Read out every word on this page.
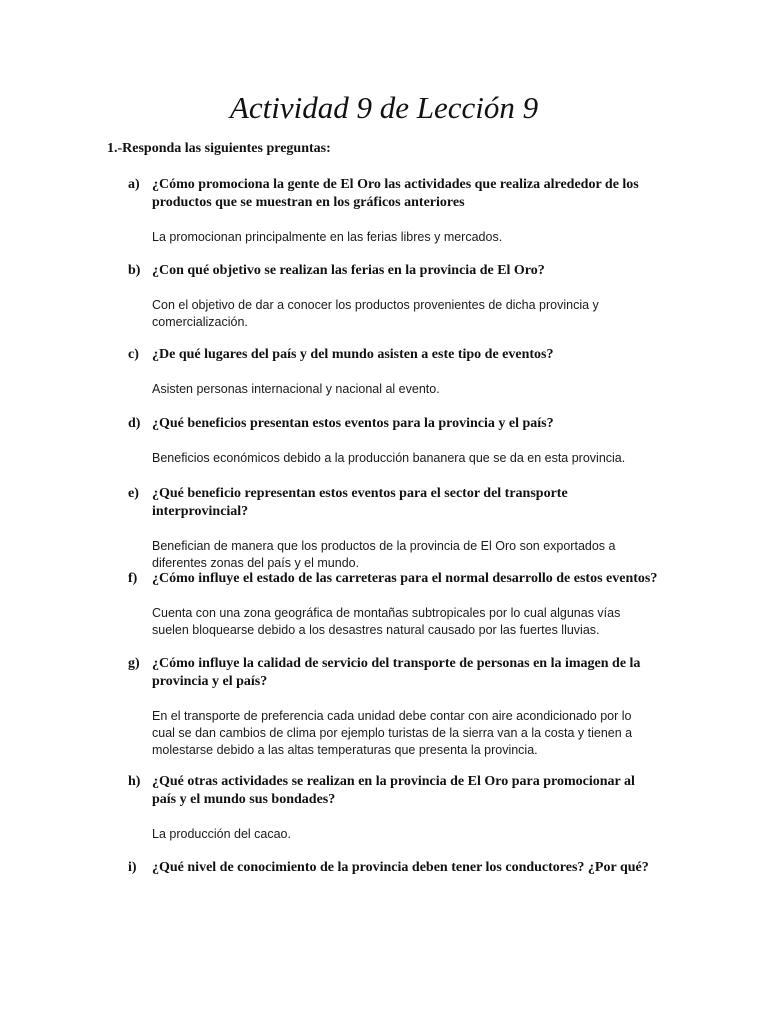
Actividad 9 de Lección 9
1.-Responda las siguientes preguntas:
a) ¿Cómo promociona la gente de El Oro las actividades que realiza alrededor de los productos que se muestran en los gráficos anteriores
La promocionan principalmente en las ferias libres y mercados.
b) ¿Con qué objetivo se realizan las ferias en la provincia de El Oro?
Con el objetivo de dar a conocer los productos provenientes de dicha provincia y comercialización.
c) ¿De qué lugares del país y del mundo asisten a este tipo de eventos?
Asisten personas internacional y nacional al evento.
d) ¿Qué beneficios presentan estos eventos para la provincia y el país?
Beneficios económicos debido a la producción bananera que se da en esta provincia.
e) ¿Qué beneficio representan estos eventos para el sector del transporte interprovincial?
Benefician de manera que los productos de la provincia de El Oro son exportados a diferentes zonas del país y el mundo.
f) ¿Cómo influye el estado de las carreteras para el normal desarrollo de estos eventos?
Cuenta con una zona geográfica de montañas subtropicales por lo cual algunas vías suelen bloquearse debido a los desastres natural causado por las fuertes lluvias.
g) ¿Cómo influye la calidad de servicio del transporte de personas en la imagen de la provincia y el país?
En el transporte de preferencia cada unidad debe contar con aire acondicionado por lo cual se dan cambios de clima por ejemplo turistas de la sierra van a la costa y tienen a molestarse debido a las altas temperaturas que presenta la provincia.
h) ¿Qué otras actividades se realizan en la provincia de El Oro para promocionar al país y el mundo sus bondades?
La producción del cacao.
i) ¿Qué nivel de conocimiento de la provincia deben tener los conductores? ¿Por qué?
